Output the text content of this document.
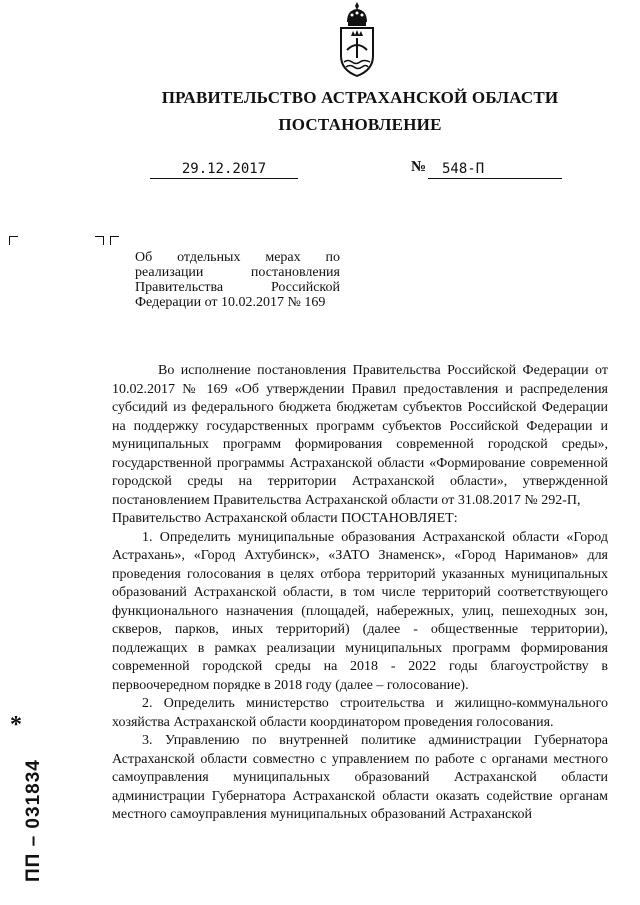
ПРАВИТЕЛЬСТВО АСТРАХАНСКОЙ ОБЛАСТИ
ПОСТАНОВЛЕНИЕ
29.12.2017	№	548-П
Об отдельных мерах по реализации постановления Правительства Российской Федерации от 10.02.2017 № 169

Во исполнение постановления Правительства Российской Федерации от 10.02.2017 № 169 «Об утверждении Правил предоставления и распределения субсидий из федерального бюджета бюджетам субъектов Российской Федерации на поддержку государственных программ субъектов Российской Федерации и муниципальных программ формирования современной городской среды», государственной программы Астраханской области «Формирование современной городской среды на территории Астраханской области», утвержденной постановлением Правительства Астраханской области от 31.08.2017 № 292-П,

Правительство Астраханской области ПОСТАНОВЛЯЕТ:

1. Определить муниципальные образования Астраханской области «Город Астрахань», «Город Ахтубинск», «ЗАТО Знаменск», «Город Нариманов» для проведения голосования в целях отбора территорий указанных муниципальных образований Астраханской области, в том числе территорий соответствующего функционального назначения (площадей, набережных, улиц, пешеходных зон, скверов, парков, иных территорий) (далее - общественные территории), подлежащих в рамках реализации муниципальных программ формирования современной городской среды на 2018 - 2022 годы благоустройству в первоочередном порядке в 2018 году (далее – голосование).

2. Определить министерство строительства и жилищно-коммунального хозяйства Астраханской области координатором проведения голосования.

3. Управлению по внутренней политике администрации Губернатора Астраханской области совместно с управлением по работе с органами местного самоуправления муниципальных образований Астраханской области администрации Губернатора Астраханской области оказать содействие органам местного самоуправления муниципальных образований Астраханской

*
ПП – 031834
